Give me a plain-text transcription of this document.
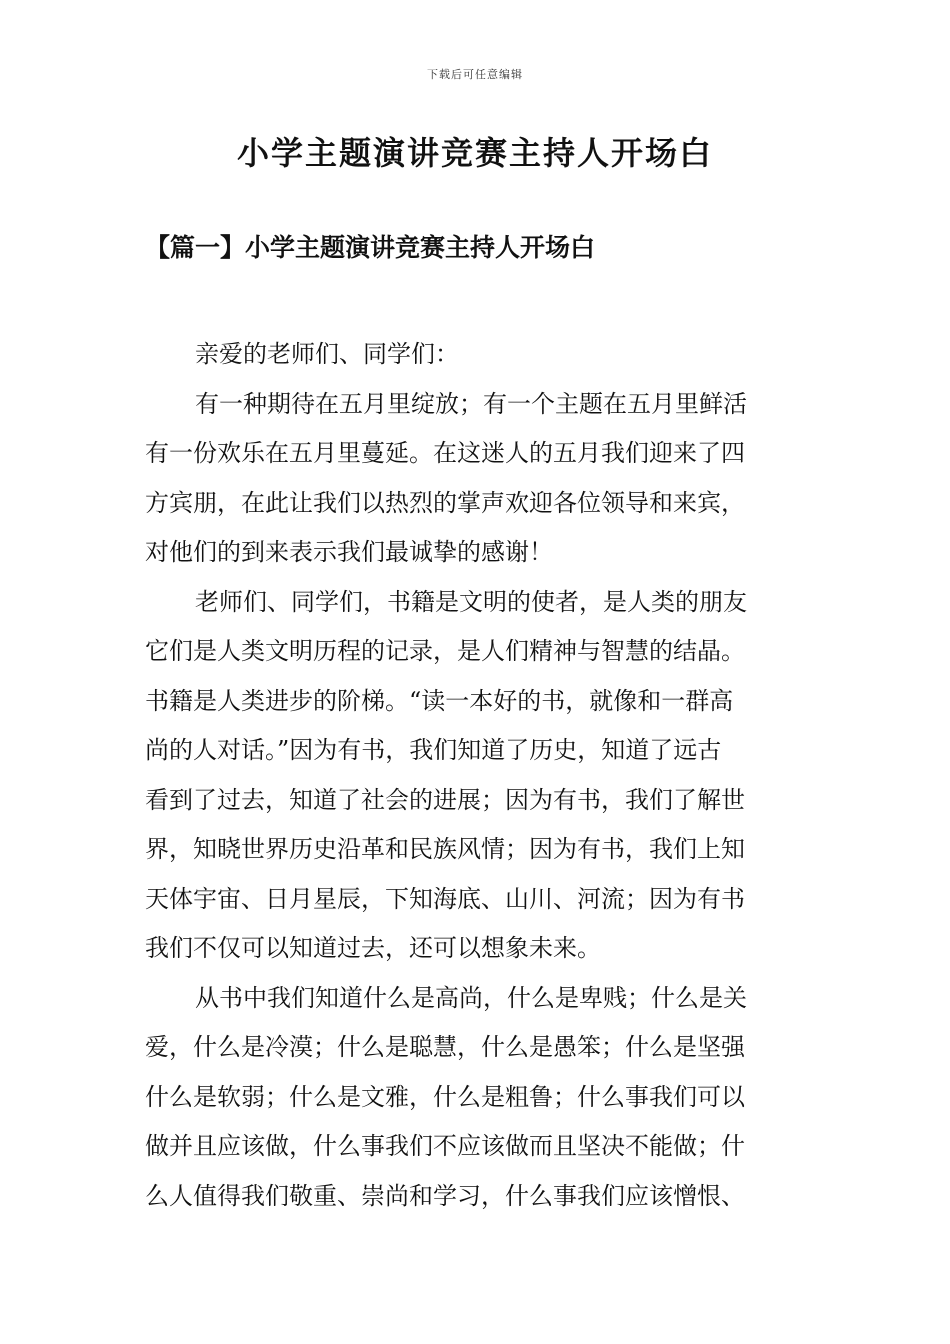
下载后可任意编辑
小学主题演讲竞赛主持人开场白
【篇一】小学主题演讲竞赛主持人开场白
亲爱的老师们、同学们：
有一种期待在五月里绽放；有一个主题在五月里鲜活
有一份欢乐在五月里蔓延。在这迷人的五月我们迎来了四
方宾朋，在此让我们以热烈的掌声欢迎各位领导和来宾，
对他们的到来表示我们最诚挚的感谢！
老师们、同学们，书籍是文明的使者，是人类的朋友
它们是人类文明历程的记录，是人们精神与智慧的结晶。
书籍是人类进步的阶梯。“读一本好的书，就像和一群高
尚的人对话。”因为有书，我们知道了历史，知道了远古
看到了过去，知道了社会的进展；因为有书，我们了解世
界，知晓世界历史沿革和民族风情；因为有书，我们上知
天体宇宙、日月星辰，下知海底、山川、河流；因为有书
我们不仅可以知道过去，还可以想象未来。
从书中我们知道什么是高尚，什么是卑贱；什么是关
爱，什么是冷漠；什么是聪慧，什么是愚笨；什么是坚强
什么是软弱；什么是文雅，什么是粗鲁；什么事我们可以
做并且应该做，什么事我们不应该做而且坚决不能做；什
么人值得我们敬重、崇尚和学习，什么事我们应该憎恨、
